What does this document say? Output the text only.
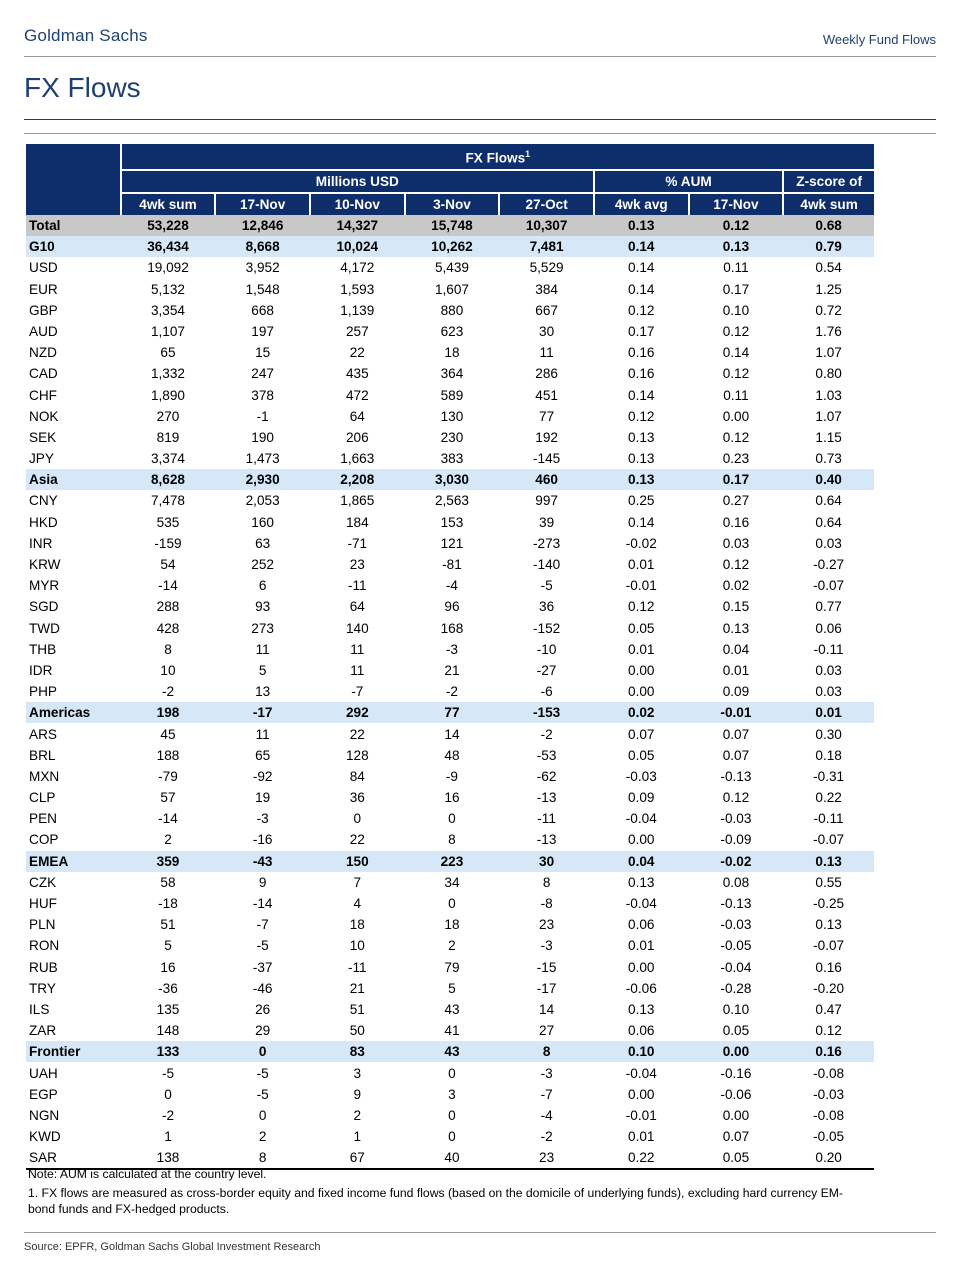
Goldman Sachs	Weekly Fund Flows
FX Flows
	FX Flows$^1$
	Millions USD					% AUM		Z-score of
	4wk sum	17-Nov	10-Nov	3-Nov	27-Oct	4wk avg	17-Nov	4wk sum
Total	53,228	12,846	14,327	15,748	10,307	0.13	0.12	0.68
G10	36,434	8,668	10,024	10,262	7,481	0.14	0.13	0.79
USD	19,092	3,952	4,172	5,439	5,529	0.14	0.11	0.54
EUR	5,132	1,548	1,593	1,607	384	0.14	0.17	1.25
GBP	3,354	668	1,139	880	667	0.12	0.10	0.72
AUD	1,107	197	257	623	30	0.17	0.12	1.76
NZD	65	15	22	18	11	0.16	0.14	1.07
CAD	1,332	247	435	364	286	0.16	0.12	0.80
CHF	1,890	378	472	589	451	0.14	0.11	1.03
NOK	270	-1	64	130	77	0.12	0.00	1.07
SEK	819	190	206	230	192	0.13	0.12	1.15
JPY	3,374	1,473	1,663	383	-145	0.13	0.23	0.73
Asia	8,628	2,930	2,208	3,030	460	0.13	0.17	0.40
CNY	7,478	2,053	1,865	2,563	997	0.25	0.27	0.64
HKD	535	160	184	153	39	0.14	0.16	0.64
INR	-159	63	-71	121	-273	-0.02	0.03	0.03
KRW	54	252	23	-81	-140	0.01	0.12	-0.27
MYR	-14	6	-11	-4	-5	-0.01	0.02	-0.07
SGD	288	93	64	96	36	0.12	0.15	0.77
TWD	428	273	140	168	-152	0.05	0.13	0.06
THB	8	11	11	-3	-10	0.01	0.04	-0.11
IDR	10	5	11	21	-27	0.00	0.01	0.03
PHP	-2	13	-7	-2	-6	0.00	0.09	0.03
Americas	198	-17	292	77	-153	0.02	-0.01	0.01
ARS	45	11	22	14	-2	0.07	0.07	0.30
BRL	188	65	128	48	-53	0.05	0.07	0.18
MXN	-79	-92	84	-9	-62	-0.03	-0.13	-0.31
CLP	57	19	36	16	-13	0.09	0.12	0.22
PEN	-14	-3	0	0	-11	-0.04	-0.03	-0.11
COP	2	-16	22	8	-13	0.00	-0.09	-0.07
EMEA	359	-43	150	223	30	0.04	-0.02	0.13
CZK	58	9	7	34	8	0.13	0.08	0.55
HUF	-18	-14	4	0	-8	-0.04	-0.13	-0.25
PLN	51	-7	18	18	23	0.06	-0.03	0.13
RON	5	-5	10	2	-3	0.01	-0.05	-0.07
RUB	16	-37	-11	79	-15	0.00	-0.04	0.16
TRY	-36	-46	21	5	-17	-0.06	-0.28	-0.20
ILS	135	26	51	43	14	0.13	0.10	0.47
ZAR	148	29	50	41	27	0.06	0.05	0.12
Frontier	133	0	83	43	8	0.10	0.00	0.16
UAH	-5	-5	3	0	-3	-0.04	-0.16	-0.08
EGP	0	-5	9	3	-7	0.00	-0.06	-0.03
NGN	-2	0	2	0	-4	-0.01	0.00	-0.08
KWD	1	2	1	0	-2	0.01	0.07	-0.05
SAR	138	8	67	40	23	0.22	0.05	0.20

Note: AUM is calculated at the country level.

1. FX flows are measured as cross-border equity and fixed income fund flows (based on the domicile of underlying funds), excluding hard currency EM-bond funds and FX-hedged products.

Source: EPFR, Goldman Sachs Global Investment Research
